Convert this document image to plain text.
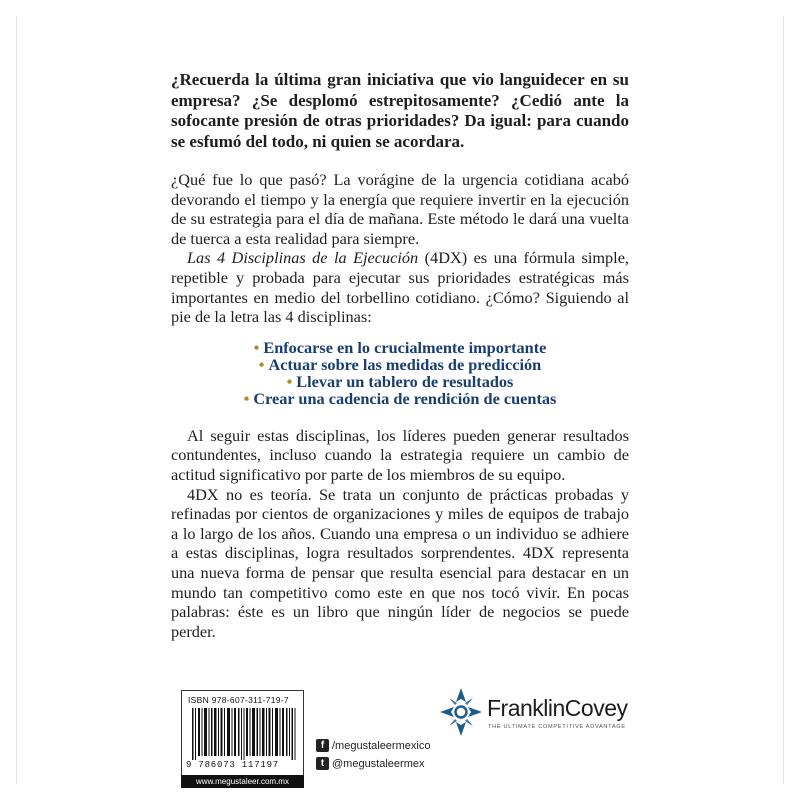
¿Recuerda la última gran iniciativa que vio languidecer en su empresa? ¿Se desplomó estrepitosamente? ¿Cedió ante la sofocante presión de otras prioridades? Da igual: para cuando se esfumó del todo, ni quien se acordara.

¿Qué fue lo que pasó? La vorágine de la urgencia cotidiana acabó devorando el tiempo y la energía que requiere invertir en la ejecución de su estrategia para el día de mañana. Este método le dará una vuelta de tuerca a esta realidad para siempre.

Las 4 Disciplinas de la Ejecución (4DX) es una fórmula simple, repetible y probada para ejecutar sus prioridades estratégicas más importantes en medio del torbellino cotidiano. ¿Cómo? Siguiendo al pie de la letra las 4 disciplinas:

• Enfocarse en lo crucialmente importante
• Actuar sobre las medidas de predicción
• Llevar un tablero de resultados
• Crear una cadencia de rendición de cuentas

Al seguir estas disciplinas, los líderes pueden generar resultados contundentes, incluso cuando la estrategia requiere un cambio de actitud significativo por parte de los miembros de su equipo.

4DX no es teoría. Se trata un conjunto de prácticas probadas y refinadas por cientos de organizaciones y miles de equipos de trabajo a lo largo de los años. Cuando una empresa o un individuo se adhiere a estas disciplinas, logra resultados sorprendentes. 4DX representa una nueva forma de pensar que resulta esencial para destacar en un mundo tan competitivo como este en que nos tocó vivir. En pocas palabras: éste es un libro que ningún líder de negocios se puede perder.

ISBN 978-607-311-719-7
9 786073 117197
www.megustaleer.com.mx
f /megustaleermexico
t @megustaleermex
FranklinCovey
THE ULTIMATE COMPETITIVE ADVANTAGE
